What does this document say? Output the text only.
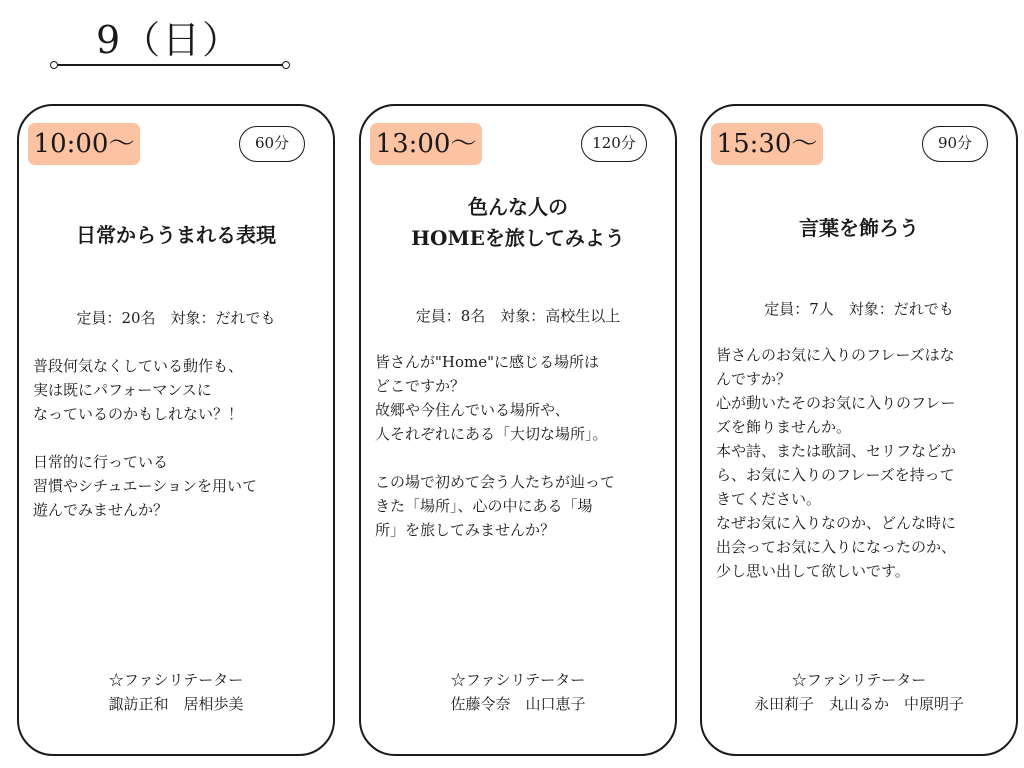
9（日）
10:00〜	60分
日常からうまれる表現
定員：20名　対象：だれでも
普段何気なくしている動作も、
実は既にパフォーマンスに
なっているのかもしれない？！

日常的に行っている
習慣やシチュエーションを用いて
遊んでみませんか？
☆ファシリテーター
諏訪正和　居相歩美
13:00〜	120分
色んな人の
HOMEを旅してみよう
定員：8名　対象：高校生以上
皆さんが"Home"に感じる場所は
どこですか？
故郷や今住んでいる場所や、
人それぞれにある「大切な場所」。

この場で初めて会う人たちが辿って
きた「場所」、心の中にある「場
所」を旅してみませんか？
☆ファシリテーター
佐藤令奈　山口恵子
15:30〜	90分
言葉を飾ろう
定員：7人　対象：だれでも
皆さんのお気に入りのフレーズはな
んですか？
心が動いたそのお気に入りのフレー
ズを飾りませんか。
本や詩、または歌詞、セリフなどか
ら、お気に入りのフレーズを持って
きてください。
なぜお気に入りなのか、どんな時に
出会ってお気に入りになったのか、
少し思い出して欲しいです。
☆ファシリテーター
永田莉子　丸山るか　中原明子
